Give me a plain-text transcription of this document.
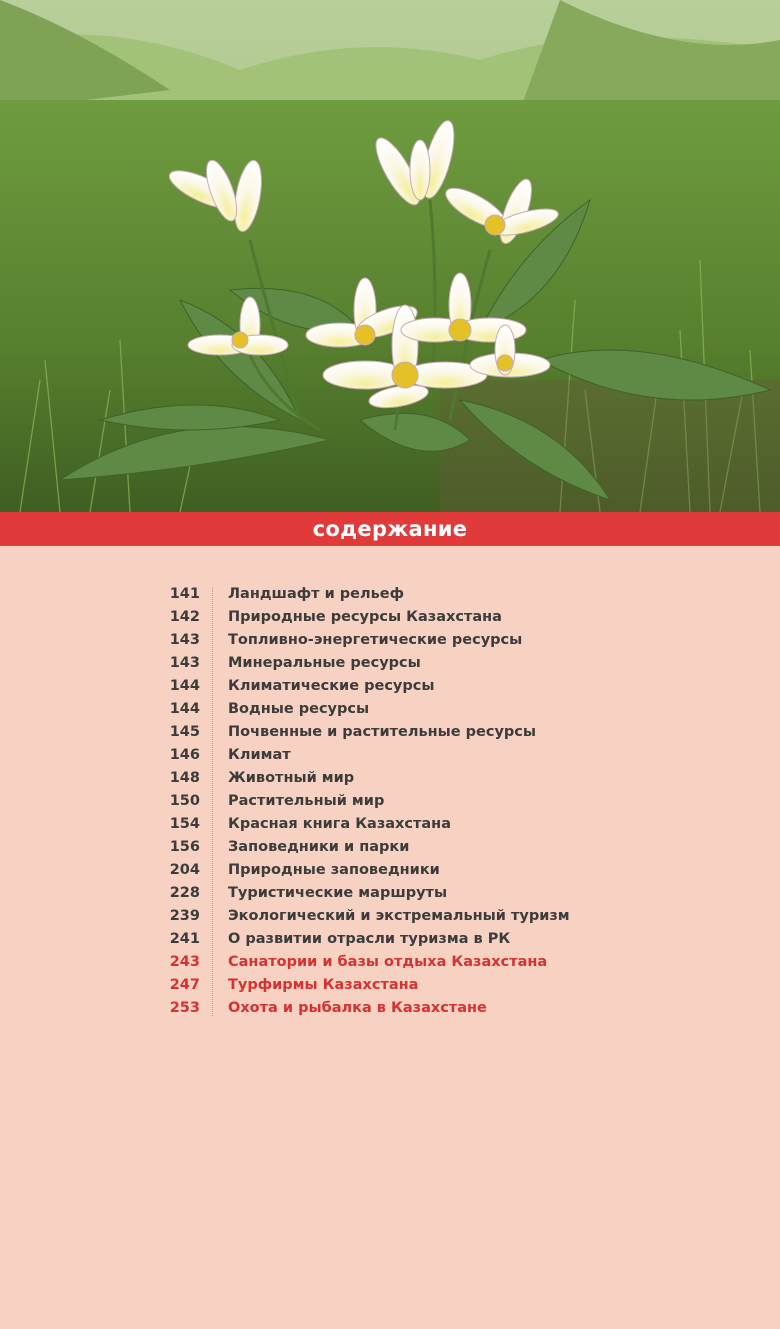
содержание
141 Ландшафт и рельеф
142 Природные ресурсы Казахстана
143 Топливно-энергетические ресурсы
143 Минеральные ресурсы
144 Климатические ресурсы
144 Водные ресурсы
145 Почвенные и растительные ресурсы
146 Климат
148 Животный мир
150 Растительный мир
154 Красная книга Казахстана
156 Заповедники и парки
204 Природные заповедники
228 Туристические маршруты
239 Экологический и экстремальный туризм
241 О развитии отрасли туризма в РК
243 Санатории и базы отдыха Казахстана
247 Турфирмы Казахстана
253 Охота и рыбалка в Казахстане
